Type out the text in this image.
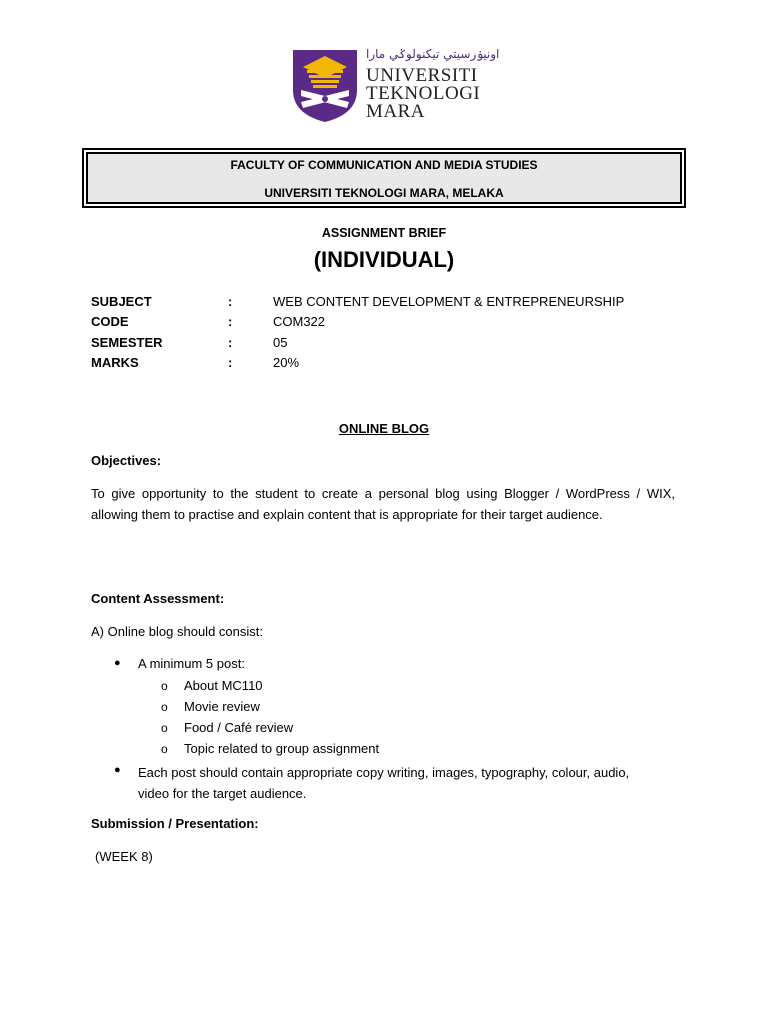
اونيۏرسيتي تيكنولوݢي مارا
UNIVERSITI
TEKNOLOGI
MARA
FACULTY OF COMMUNICATION AND MEDIA STUDIES
UNIVERSITI TEKNOLOGI MARA, MELAKA
ASSIGNMENT BRIEF
(INDIVIDUAL)
SUBJECT	:	WEB CONTENT DEVELOPMENT & ENTREPRENEURSHIP
CODE	:	COM322
SEMESTER	:	05
MARKS	:	20%
ONLINE BLOG
Objectives:
To give opportunity to the student to create a personal blog using Blogger / WordPress / WIX, allowing them to practise and explain content that is appropriate for their target audience.
Content Assessment:
A) Online blog should consist:
● A minimum 5 post:
o About MC110
o Movie review
o Food / Café review
o Topic related to group assignment
● Each post should contain appropriate copy writing, images, typography, colour, audio, video for the target audience.
Submission / Presentation:
(WEEK 8)
